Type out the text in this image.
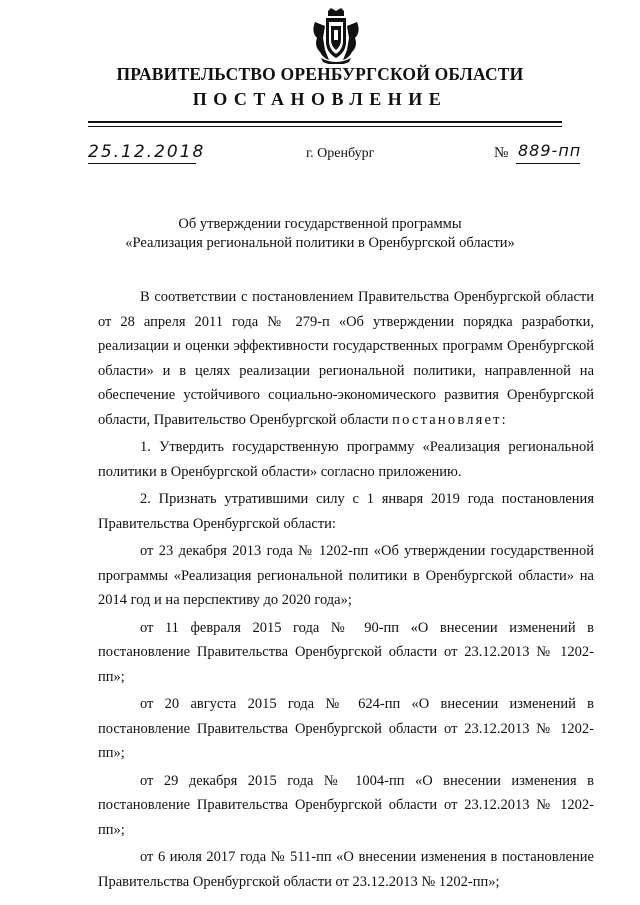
ПРАВИТЕЛЬСТВО ОРЕНБУРГСКОЙ ОБЛАСТИ
ПОСТАНОВЛЕНИЕ
25.12.2018	г. Оренбург	№ 889-пп
Об утверждении государственной программы
«Реализация региональной политики в Оренбургской области»

В соответствии с постановлением Правительства Оренбургской области от 28 апреля 2011 года № 279-п «Об утверждении порядка разработки, реализации и оценки эффективности государственных программ Оренбургской области» и в целях реализации региональной политики, направленной на обеспечение устойчивого социально-экономического развития Оренбургской области, Правительство Оренбургской области постановляет:

1. Утвердить государственную программу «Реализация региональной политики в Оренбургской области» согласно приложению.

2. Признать утратившими силу с 1 января 2019 года постановления Правительства Оренбургской области:

от 23 декабря 2013 года № 1202-пп «Об утверждении государственной программы «Реализация региональной политики в Оренбургской области» на 2014 год и на перспективу до 2020 года»;

от 11 февраля 2015 года № 90-пп «О внесении изменений в постановление Правительства Оренбургской области от 23.12.2013 № 1202-пп»;

от 20 августа 2015 года № 624-пп «О внесении изменений в постановление Правительства Оренбургской области от 23.12.2013 № 1202-пп»;

от 29 декабря 2015 года № 1004-пп «О внесении изменения в постановление Правительства Оренбургской области от 23.12.2013 № 1202-пп»;

от 6 июля 2017 года № 511-пп «О внесении изменения в постановление Правительства Оренбургской области от 23.12.2013 № 1202-пп»;
